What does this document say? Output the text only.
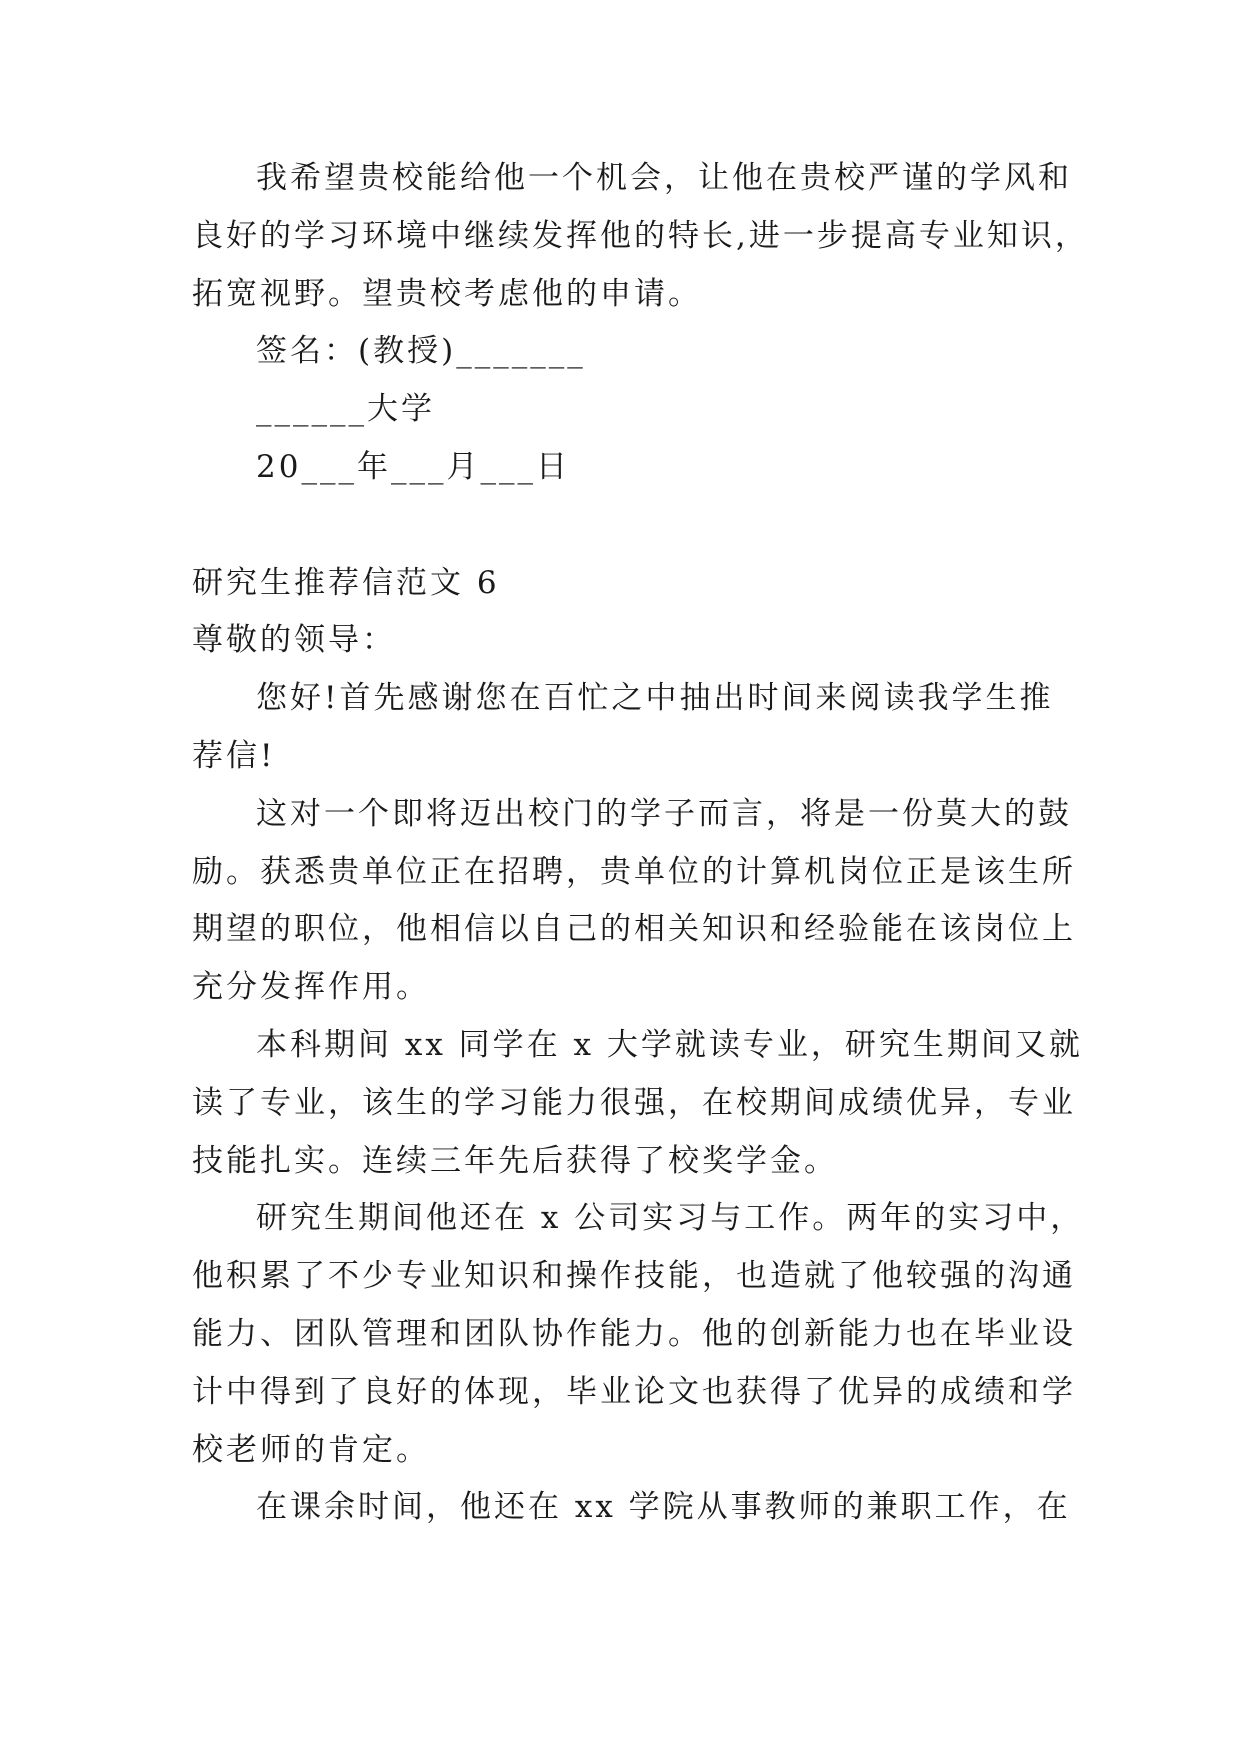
我希望贵校能给他一个机会，让他在贵校严谨的学风和
良好的学习环境中继续发挥他的特长,进一步提高专业知识，
拓宽视野。望贵校考虑他的申请。
签名：(教授)_______
______大学
20___年___月___日
研究生推荐信范文 6
尊敬的领导：
您好!首先感谢您在百忙之中抽出时间来阅读我学生推
荐信!
这对一个即将迈出校门的学子而言，将是一份莫大的鼓
励。获悉贵单位正在招聘，贵单位的计算机岗位正是该生所
期望的职位，他相信以自己的相关知识和经验能在该岗位上
充分发挥作用。
本科期间 xx 同学在 x 大学就读专业，研究生期间又就
读了专业，该生的学习能力很强，在校期间成绩优异，专业
技能扎实。连续三年先后获得了校奖学金。
研究生期间他还在 x 公司实习与工作。两年的实习中，
他积累了不少专业知识和操作技能，也造就了他较强的沟通
能力、团队管理和团队协作能力。他的创新能力也在毕业设
计中得到了良好的体现，毕业论文也获得了优异的成绩和学
校老师的肯定。
在课余时间，他还在 xx 学院从事教师的兼职工作，在
